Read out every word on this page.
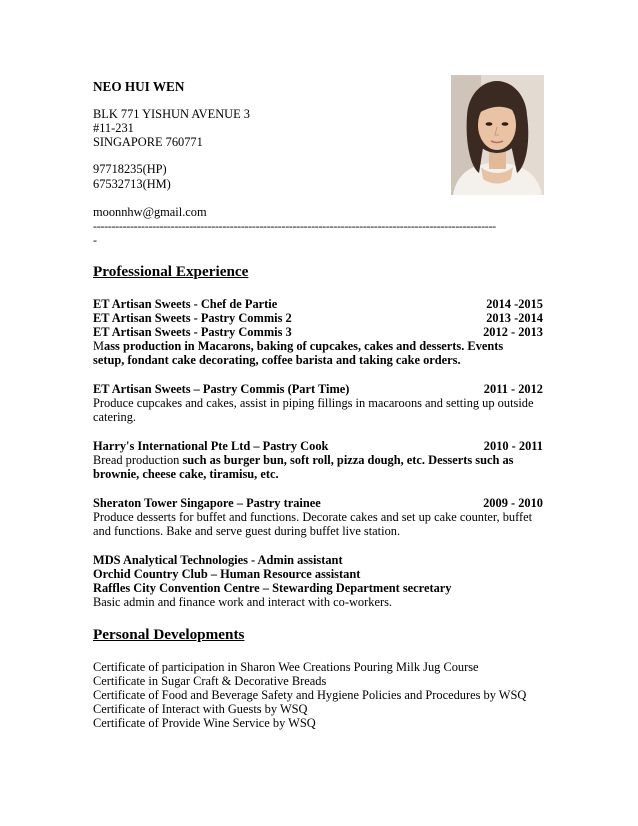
NEO HUI WEN
BLK 771 YISHUN AVENUE 3
#11-231
SINGAPORE 760771
97718235(HP)
67532713(HM)
moonnhw@gmail.com
-------------------------------------------------------------------------------------------------------------
-
Professional Experience
ET Artisan Sweets - Chef de Partie	2014 -2015
ET Artisan Sweets - Pastry Commis 2	2013 -2014
ET Artisan Sweets - Pastry Commis 3	2012 - 2013
Mass production in Macarons, baking of cupcakes, cakes and desserts. Events
setup, fondant cake decorating, coffee barista and taking cake orders.
ET Artisan Sweets – Pastry Commis (Part Time)	2011 - 2012
Produce cupcakes and cakes, assist in piping fillings in macaroons and setting up outside
catering.
Harry's International Pte Ltd – Pastry Cook	2010 - 2011
Bread production such as burger bun, soft roll, pizza dough, etc. Desserts such as
brownie, cheese cake, tiramisu, etc.
Sheraton Tower Singapore – Pastry trainee	2009 - 2010
Produce desserts for buffet and functions. Decorate cakes and set up cake counter, buffet
and functions. Bake and serve guest during buffet live station.
MDS Analytical Technologies - Admin assistant
Orchid Country Club – Human Resource assistant
Raffles City Convention Centre – Stewarding Department secretary
Basic admin and finance work and interact with co-workers.
Personal Developments
Certificate of participation in Sharon Wee Creations Pouring Milk Jug Course
Certificate in Sugar Craft & Decorative Breads
Certificate of Food and Beverage Safety and Hygiene Policies and Procedures by WSQ
Certificate of Interact with Guests by WSQ
Certificate of Provide Wine Service by WSQ
